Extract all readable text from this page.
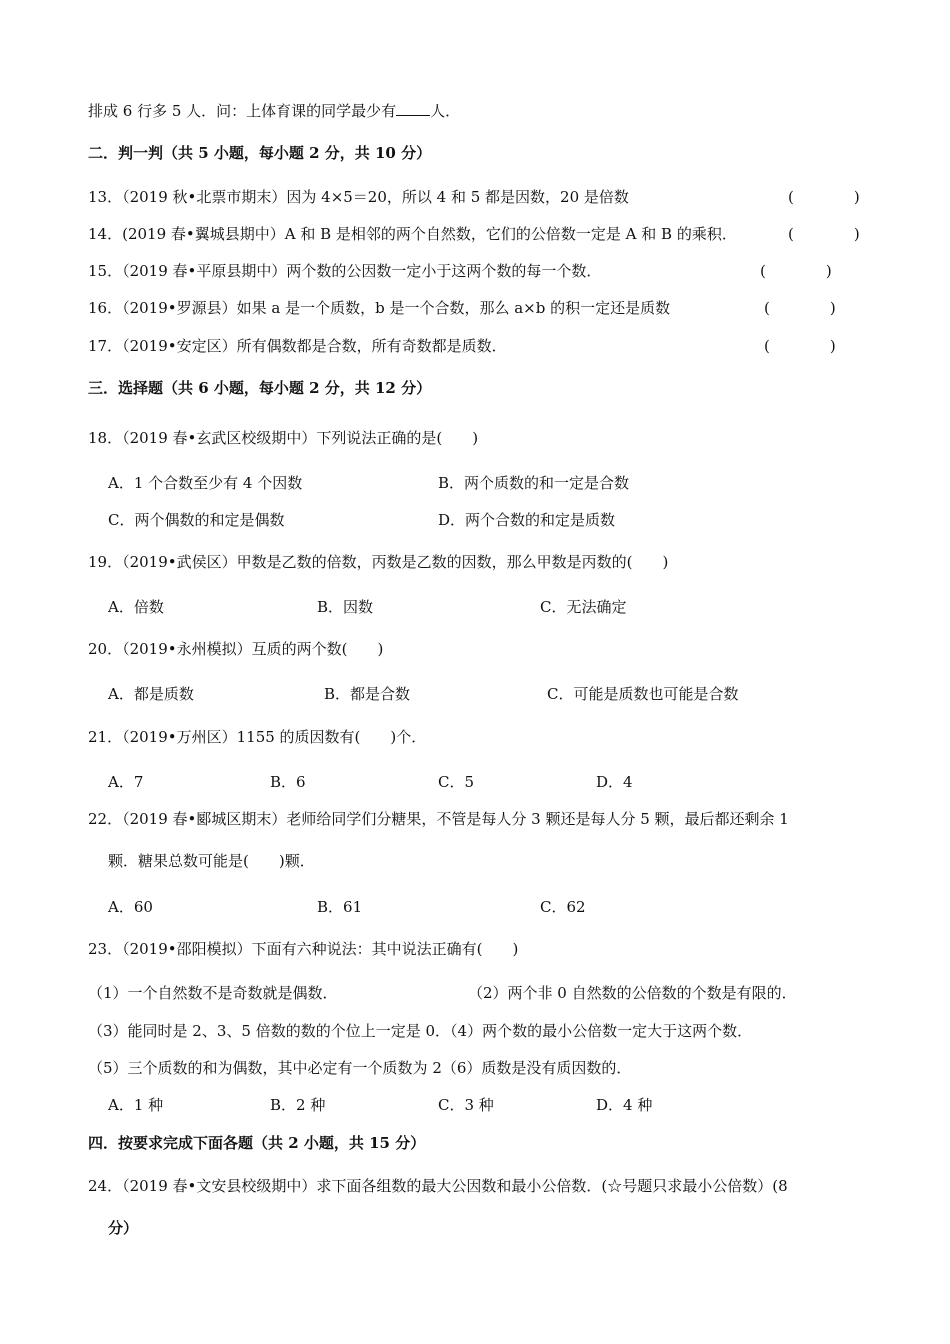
排成 6 行多 5 人．问：上体育课的同学最少有 人．
二．判一判（共 5 小题，每小题 2 分，共 10 分）
13．（2019 秋•北票市期末）因为 4×5＝20，所以 4 和 5 都是因数，20 是倍数	(　　　　)
14．(2019 春•翼城县期中）A 和 B 是相邻的两个自然数，它们的公倍数一定是 A 和 B 的乘积．	(　　　　)
15．（2019 春•平原县期中）两个数的公因数一定小于这两个数的每一个数．	(　　　　)
16．（2019•罗源县）如果 a 是一个质数，b 是一个合数，那么 a×b 的积一定还是质数	(　　　　)
17．（2019•安定区）所有偶数都是合数，所有奇数都是质数．	(　　　　)
三．选择题（共 6 小题，每小题 2 分，共 12 分）
18．（2019 春•玄武区校级期中）下列说法正确的是(　　)
A．1 个合数至少有 4 个因数	B．两个质数的和一定是合数
C．两个偶数的和定是偶数	D．两个合数的和定是质数
19．（2019•武侯区）甲数是乙数的倍数，丙数是乙数的因数，那么甲数是丙数的(　　)
A．倍数	B．因数	C．无法确定
20．（2019•永州模拟）互质的两个数(　　)
A．都是质数	B．都是合数	C．可能是质数也可能是合数
21．（2019•万州区）1155 的质因数有(　　)个．
A．7	B．6	C．5	D．4
22．（2019 春•郾城区期末）老师给同学们分糖果，不管是每人分 3 颗还是每人分 5 颗，最后都还剩余 1
颗．糖果总数可能是(　　)颗．
A．60	B．61	C．62
23．（2019•邵阳模拟）下面有六种说法：其中说法正确有(　　)
（1）一个自然数不是奇数就是偶数．	（2）两个非 0 自然数的公倍数的个数是有限的．
（3）能同时是 2、3、5 倍数的数的个位上一定是 0．（4）两个数的最小公倍数一定大于这两个数．
（5）三个质数的和为偶数，其中必定有一个质数为 2（6）质数是没有质因数的．
A．1 种	B．2 种	C．3 种	D．4 种
四．按要求完成下面各题（共 2 小题，共 15 分）
24．（2019 春•文安县校级期中）求下面各组数的最大公因数和最小公倍数．(☆号题只求最小公倍数）(8
分）
